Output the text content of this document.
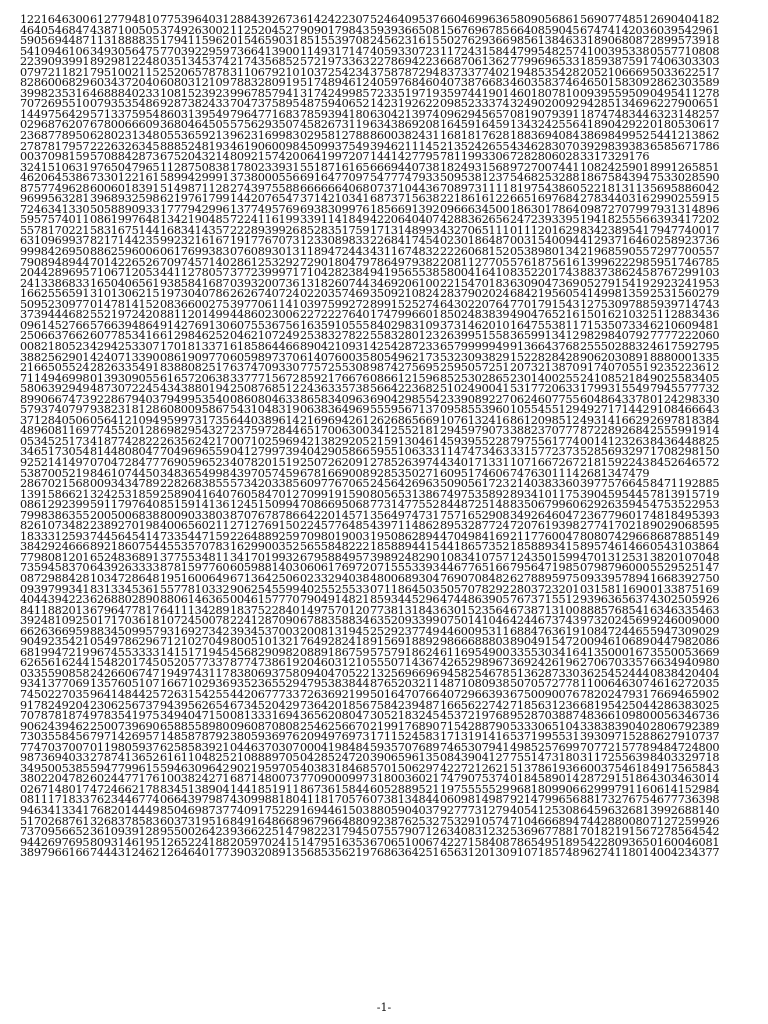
1221646300 6127794810 7753964031 2884392673 6142422307 5246409537 6604699636 5809056861 5690774851 2690404182
4640546847 4387100505 3749263002 1125204527 9090179843 5939366508 1567696785 6640859045 6747414203 6039542961
5905694487 1131888835 1794115962 0154659031 8515539708 2456231615 5027629366 9856138463 3189068087 2899573918
5410946106 3493056475 7703922959 7366413900 1149317147 4059330723 1172431584 4799548257 4100395338 0557710808
2239093991 8929812248 0351345374 2174356852 5721973363 2278694223 6687061362 7799696533 1859387591 7406303303
0797211821 7951002115 2520657878 3110679210 1037254234 3758787294 8373377402 1948535428 2052106669 5033622517
8286006829 6034372040 6080312109 7883280919 5174894612 4059768460 4073876683 4603583746 4650158309 2862303589
3998235316 4688840233 1081523923 9967857941 3174249985 7233519719 3597441901 4601807810 0939559509 0495411278
7072695510 0793535486 9287382433 7047375895 4875940652 1423192622 0985233374 3249020092 9428513469 6227900651
1449756429 5713375954 8603139549 7964771683 7859394180 6304213974 0962945657 0819079391 1874748344 6323148257
0296876207 6780066609 3680464505 5756293507 4582673119 6343869208 1645916459 1343242556 4189042922 0180530617
2368778950 6280231348 0553659213 9623169983 0295812788 8600382431 1681817628 1883694084 3869849952 5441213862
2787817957 2226326345 8885248193 4619060098 4509937549 3946211145 2135242655 4346283070 3929839383 6585671786
0037098159 5708842873 6752043214 8092157420 0641997207 1441427795 7811993306 7282806028 3317329176
3241510631 9765047965 1128750838 1780233931 5518716165 6669440738 1824931568 9727007441 1082425901 8991265851
4620645386 7330122161 5899429991 3738000556 6916477097 5477747933 5095381237 5468253288 1867584394 7533028590
8757749628 6006018391 5149871128 2743975588 6666664068 0737104436 7089731111 8197543860 5221813113 5695886042
9699563281 3968932598 6219761799 1442076547 3714210341 6873715638 2218616122 6651697684 2783440316 2990255915
7246341330 5058890933 1777942996 1377495769 6938309976 1856691392 0966634500 1863017864 0987270799 7931314896
5957574011 0861997648 1342190485 7224116199 3391141849 4220640407 4288362656 2472393395 1941825556 6393417202
5578170221 5831675144 1683414357 2228939926 8528351759 1713148993 4327065111 0111201629 8342389541 7947740017
6310969937 8217144235 9923216167 1917767073 1233089833 2268417454 0230186487 0031540094 4129371646 0258923736
9998426950 8862596006 0617699383 0760893013 1189472443 4311674832 2226068152 0538980134 2196859055 7297700557
7908948944 7014226526 7097457140 2861253292 7290180479 7864979382 2081127705 5761875616 1399622298 5951746785
2044289695 7106712053 4411278057 3772399971 7104282384 9419565538 5800416410 8352201743 8837386245 8767299103
2413386833 1650406561 9385841687 0393200736 1318260744 3469206100 2215470183 6309047369 0527915419 2923241953
1662556591 3101306215 1973040786 2626740724 0220357469 3509210824 2837902024 6842195605 4149981359 2531560279
5095230977 0147814152 0836600275 3977061141 0397599272 8991525274 6430220764 7701791543 1275309788 5939714743
3739444682 5521972420 8811201499 4486023006 2272227640 1747996601 8502483839 4904765216 1501621032 5112883436
0961452766 5766394864 9142769130 6075536756 1635910555 8402983109 3731462010 1647553811 7153507334 6210609481
2506637662 6077853416 6129846252 0462107249 2538327822 5583280123 2639951558 3659913412 9829840792 7777222060
0082180523 4294253307 1701813371 6185864466 8904210931 4254287233 6579999949 9136643768 2555028832 4617592795
3882562901 4240713390 0861909770 6059897370 6140760035 8054962173 5323093829 1522828428 9062030891 8880001335
2166505524 2826335491 8388082517 6374709330 7757255308 9874275695 2595057251 2073213870 9174070551 9235223612
7114946998 0139309055 6165720638 3377715672 8592176676 0866121596 8525302865 2301400255 2410852184 9025583405
5806392949 4873072245 4343880194 2508768512 2436335738 5664223682 5102490041 5317720633 1799315549 7945577732
8990667473 9228679403 7949953540 0860804633 8658340963 6904298554 2339089227 0624607755 6048643378 0124298330
5793740797 9382318128 6080095867 5431048319 0638364969 5559567137 0958553960 1055455129 4927171442 9108466643
3712840506 0564121094 9599731735 6440389614 2169694261 2626865669 1076132416 8612098512 4931416629 2697818384
4896081169 7745520128 6982954327 2375972844 6517006300 3412552181 2945979073 3882370777 8722892684 2555991914
0534525173 4187742822 2635624217 0071025969 4213829205 2159130461 4593955228 7975561774 0014123263 8436448825
3465173054 8144808047 7049696559 0412799739 4042905866 5955106333 1147473463 3315772373 5285693297 1708298150
9252141497 0704728477 7690596523 4078201519 2507262091 2785263974 4340171331 1071667267 2181592243 8452646572
5387005219 8461074450 3483654998 4397057459 6781669008 9285350271 6095174606 7476301114 2681347479
2867021568 0093434789 2282683855 5734203385 6097767065 2456426963 5090561723 2140383360 3977576645 8471192885
1391586621 3242531859 2589041640 7605847012 7099191590 8056531386 7497535892 8934101175 3904595445 7813915719
0861292399 5911797640 8515914136 1245150994 7086695068 7731477552 8448725148 8350679960 6292635945 4753522953
7998386355 2005006838 8009033803 8707678786 6422014571 3564974731 7571652908 3492646047 2367796017 4818495393
8261073482 2389270198 4006560211 2712769150 2245776485 4397114862 8953287724 7207619398 2774170218 9029068595
1833312593 7445645414 7335447159 2264889259 7098019003 1950862894 4704984169 2117760047 8080742966 8687885149
3842924666 8921860754 4553570783 1629900352 5655848222 1858894415 4418657352 1858893415 8957461466 0543103864
7798081201 6524836891 3775534811 3417019932 6795884957 3989248290 1083410757 1243501599 4701312531 3820107048
7359458370 6439263333 8781597760 6059881403 0606176972 0715553393 4467765166 7956471985 0798796000 5529525147
0872988428 1034728648 1951600649 6713642506 0233294038 4800689304 7690708482 6278895975 0933957894 1668392750
0939799341 8313345361 5577810332 9062545599 4025525533 0711864503 5057078292 2803723201 0315811690 0133875169
4044394223 6268802890 8806146365 0046157770 7904914821 8593445296 4744863905 7673715512 9396365637 4302505926
8411882013 6796477817 6411134289 1837522840 1497570120 7738131843 6301523564 6738713100 8885768541 6346335463
3924810925 0171703618 1072450078 2241287090 6788358834 6352093399 0750141046 4244673743 9732024569 9246009000
6626366959 8834509957 9316927342 3934537003 2008131945 2529237749 4460095311 6884763619 1084724465 5947309029
9049235421 0549786296 7121027049 8005101321 7649282418 9156918892 9866688803 8904915472 0094610689 0447982086
6819947219 9674553333 1415171945 4568290982 0889186759 5757918624 6116954900 3355303416 4135000167 3550053669
6265616244 1548201745 0520577337 8774738619 2046031210 5550714367 4265298967 3692426196 2706703357 6634940980
0335590858 2426606747 1949743117 8380693758 0940470522 1325696696 9458254678 5136287330 3625452444 0838420404
9341377069 1357605107 1667102936 9352365529 4795383844 8765203211 4871080938 5070572778 1100646307 4616272035
7450227035 9641484425 7263154255 4420677733 7263692199 5016470766 4072966393 6750090076 7820247931 7669465902
9178249204 2306256737 9439562654 6734520429 7364201856 7584239487 1665622742 7185631236 6819542504 4286383025
7078781874 9783541975 3494047150 0813331694 3656208047 3052183245 4537219768 9528703887 4836610980 0056346736
9062439462 2500739690 6588558980 0960870808 2546256670 2199176890 7154288790 5333065104 3383839040 2806792389
7303558456 7971426957 1485878792 3805936976 2094976973 1711524583 1713191416 5371995531 3930971528 8627910737
7747037007 0119805937 6258583921 0446370307 0004198484 5935707689 7465307941 4985257699 7077215778 9484724800
9873694033 2787413652 6161104825 2108889705 0428524720 3906596135 0843904127 7551473180 3117255639 8403329718
3495005385 5947799615 5946309642 9021959705 4038318468 5701506297 4227212621 5137861936 6003754618 4917565843
3802204782 6024477176 1003824271 6871480073 7709000997 3180036021 7479075374 0184589014 2872915186 4303463014
0267148017 4724662178 8345138904 1441851911 8673615844 6052889521 1975555529 9681809906 6299979116 0614152984
0811171833 7623446774 0664397987 4309988180 4118170576 0738134844 0609814987 9214799656 8817327675 4677736398
9463413341 7682014449 8504698737 7409175229 1694461503 8805904037 9277731279 4054125308 6459632681 3992688140
5170268761 3268378583 6037319516 8491648668 9679664880 9238762532 7532910574 7104666894 7442880080 7127259926
7370956652 3610939128 9550026423 9366225147 9822317945 0755790712 6340831232 5369677881 7018219156 7278564542
9442697695 8093146195 1265224188 2059702415 1479516353 6706510067 4227158408 7865495189 5422809365 0160046081
3897966166 7444312462 1264640177 3903208913 5685356219 7686364251 6563120130 9107185748 9627411801 4004234377
-1-
